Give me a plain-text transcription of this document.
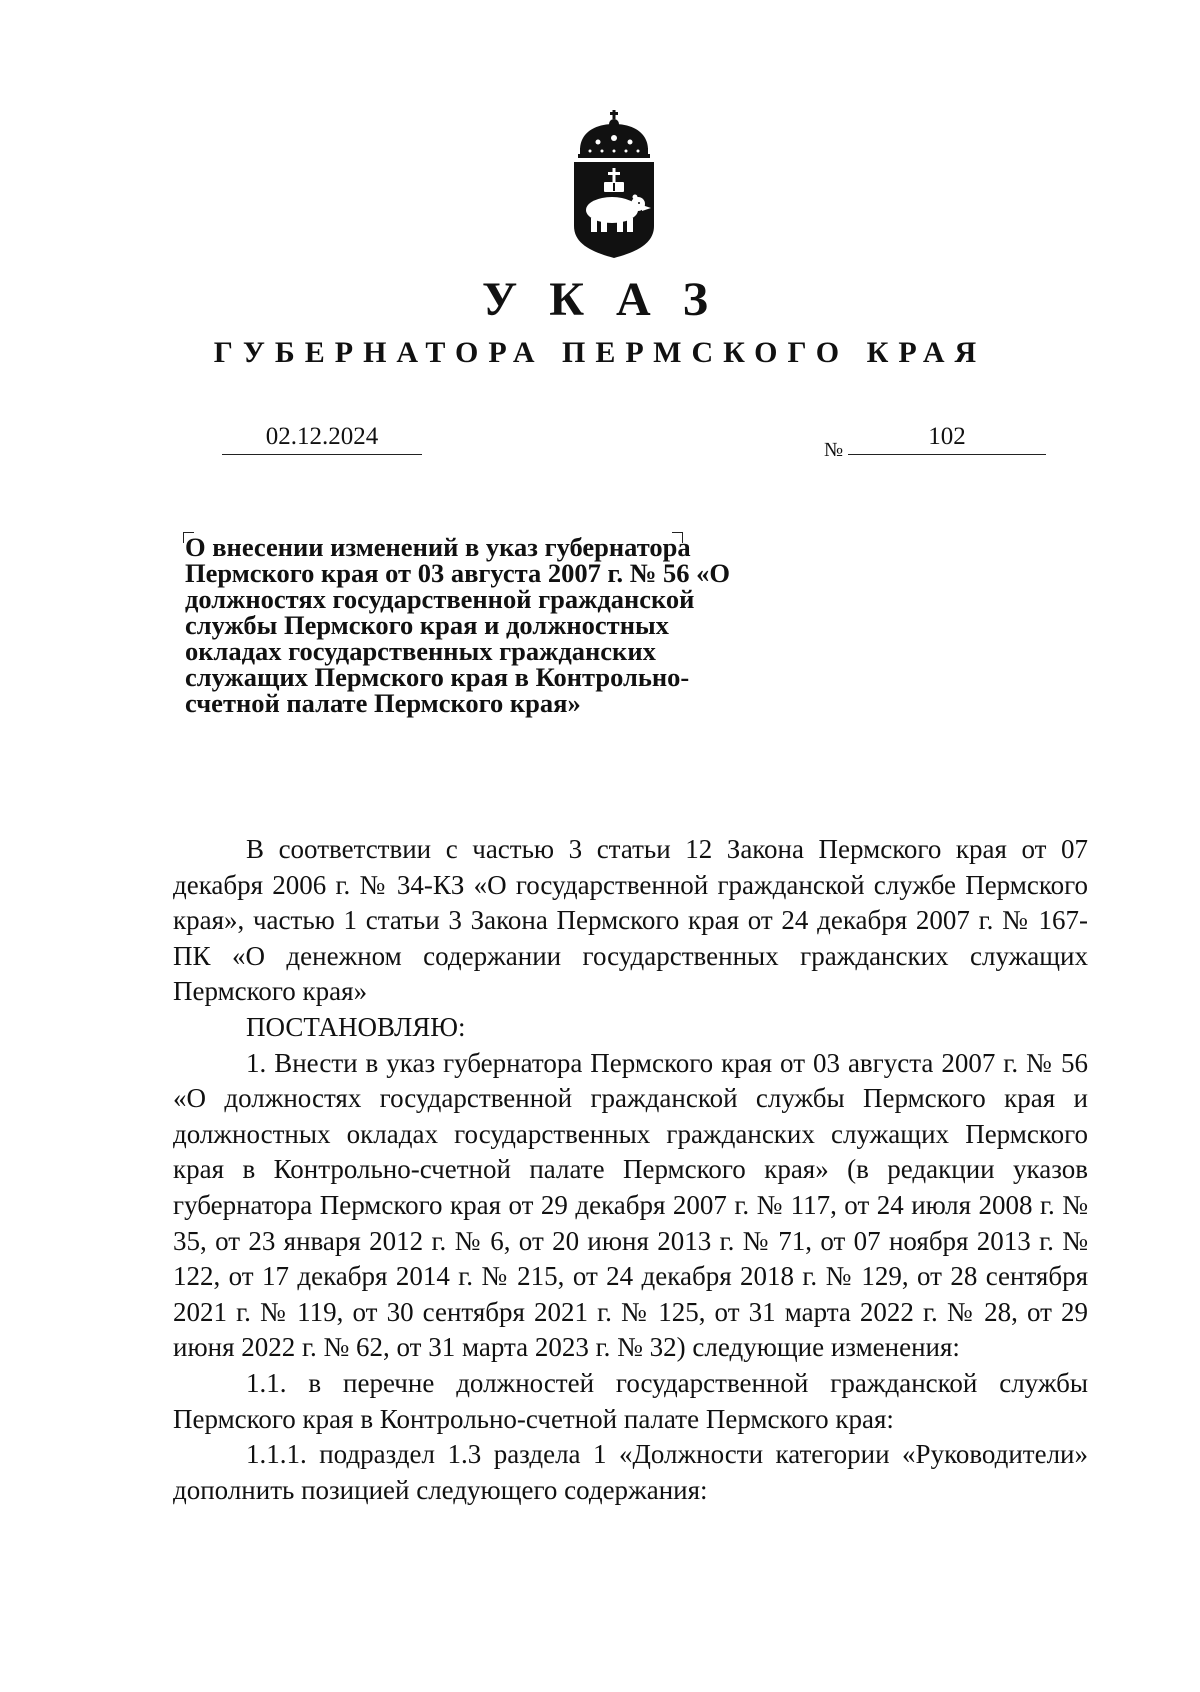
У К А З
ГУБЕРНАТОРА ПЕРМСКОГО КРАЯ
02.12.2024	№	102
О внесении изменений в указ губернатора Пермского края от 03 августа 2007 г. № 56 «О должностях государственной гражданской службы Пермского края и должностных окладах государственных гражданских служащих Пермского края в Контрольно-счетной палате Пермского края»

В соответствии с частью 3 статьи 12 Закона Пермского края от 07 декабря 2006 г. № 34-КЗ «О государственной гражданской службе Пермского края», частью 1 статьи 3 Закона Пермского края от 24 декабря 2007 г. № 167-ПК «О денежном содержании государственных гражданских служащих Пермского края»

ПОСТАНОВЛЯЮ:

1. Внести в указ губернатора Пермского края от 03 августа 2007 г. № 56 «О должностях государственной гражданской службы Пермского края и должностных окладах государственных гражданских служащих Пермского края в Контрольно-счетной палате Пермского края» (в редакции указов губернатора Пермского края от 29 декабря 2007 г. № 117, от 24 июля 2008 г. № 35, от 23 января 2012 г. № 6, от 20 июня 2013 г. № 71, от 07 ноября 2013 г. № 122, от 17 декабря 2014 г. № 215, от 24 декабря 2018 г. № 129, от 28 сентября 2021 г. № 119, от 30 сентября 2021 г. № 125, от 31 марта 2022 г. № 28, от 29 июня 2022 г. № 62, от 31 марта 2023 г. № 32) следующие изменения:

1.1. в перечне должностей государственной гражданской службы Пермского края в Контрольно-счетной палате Пермского края:

1.1.1. подраздел 1.3 раздела 1 «Должности категории «Руководители» дополнить позицией следующего содержания:
